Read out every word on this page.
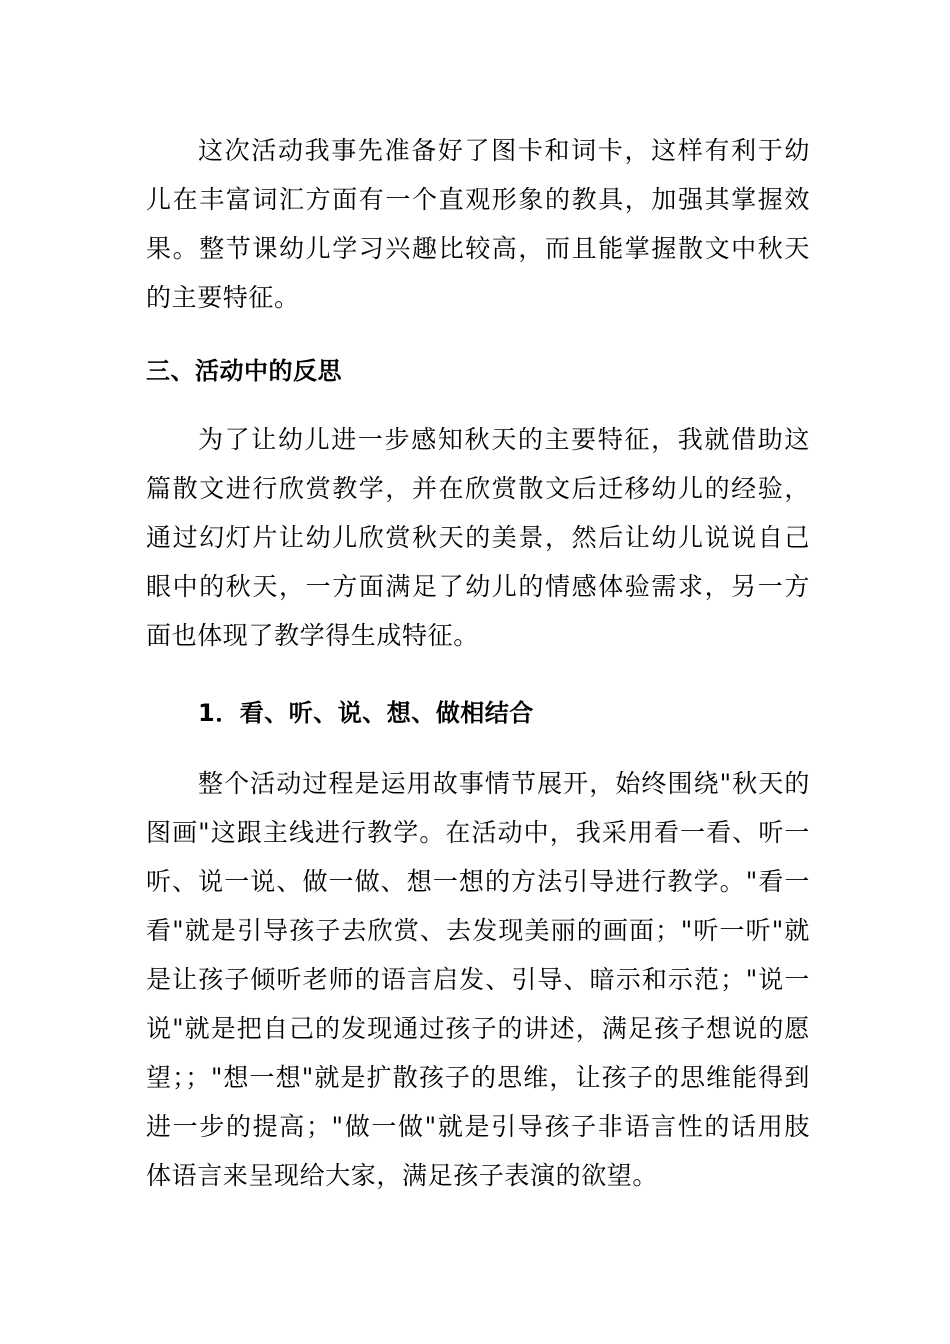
这次活动我事先准备好了图卡和词卡，这样有利于幼儿在丰富词汇方面有一个直观形象的教具，加强其掌握效果。整节课幼儿学习兴趣比较高，而且能掌握散文中秋天的主要特征。

三、活动中的反思

为了让幼儿进一步感知秋天的主要特征，我就借助这篇散文进行欣赏教学，并在欣赏散文后迁移幼儿的经验，通过幻灯片让幼儿欣赏秋天的美景，然后让幼儿说说自己眼中的秋天，一方面满足了幼儿的情感体验需求，另一方面也体现了教学得生成特征。

1．看、听、说、想、做相结合

整个活动过程是运用故事情节展开，始终围绕"秋天的图画"这跟主线进行教学。在活动中，我采用看一看、听一听、说一说、做一做、想一想的方法引导进行教学。"看一看"就是引导孩子去欣赏、去发现美丽的画面；"听一听"就是让孩子倾听老师的语言启发、引导、暗示和示范；"说一说"就是把自己的发现通过孩子的讲述，满足孩子想说的愿望；；"想一想"就是扩散孩子的思维，让孩子的思维能得到进一步的提高；"做一做"就是引导孩子非语言性的话用肢体语言来呈现给大家，满足孩子表演的欲望。
